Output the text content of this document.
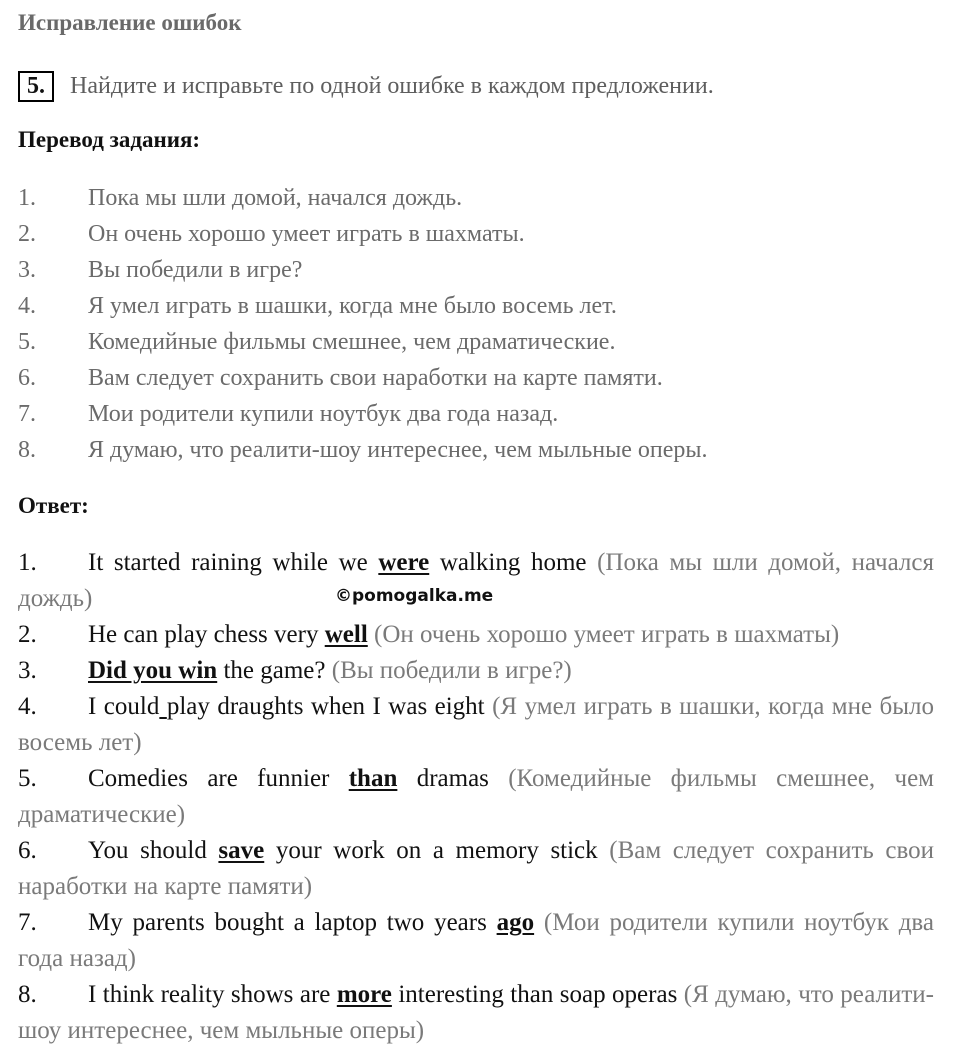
Исправление ошибок
5.	Найдите и исправьте по одной ошибке в каждом предложении.
Перевод задания:
1. Пока мы шли домой, начался дождь.
2. Он очень хорошо умеет играть в шахматы.
3. Вы победили в игре?
4. Я умел играть в шашки, когда мне было восемь лет.
5. Комедийные фильмы смешнее, чем драматические.
6. Вам следует сохранить свои наработки на карте памяти.
7. Мои родители купили ноутбук два года назад.
8. Я думаю, что реалити-шоу интереснее, чем мыльные оперы.
Ответ:
1. It started raining while we were walking home (Пока мы шли домой, начался дождь)
2. He can play chess very well (Он очень хорошо умеет играть в шахматы)
3. Did you win the game? (Вы победили в игре?)
4. I could play draughts when I was eight (Я умел играть в шашки, когда мне было восемь лет)
5. Comedies are funnier than dramas (Комедийные фильмы смешнее, чем драматические)
6. You should save your work on a memory stick (Вам следует сохранить свои наработки на карте памяти)
7. My parents bought a laptop two years ago (Мои родители купили ноутбук два года назад)
8. I think reality shows are more interesting than soap operas (Я думаю, что реалити-шоу интереснее, чем мыльные оперы)
©pomogalka.me
